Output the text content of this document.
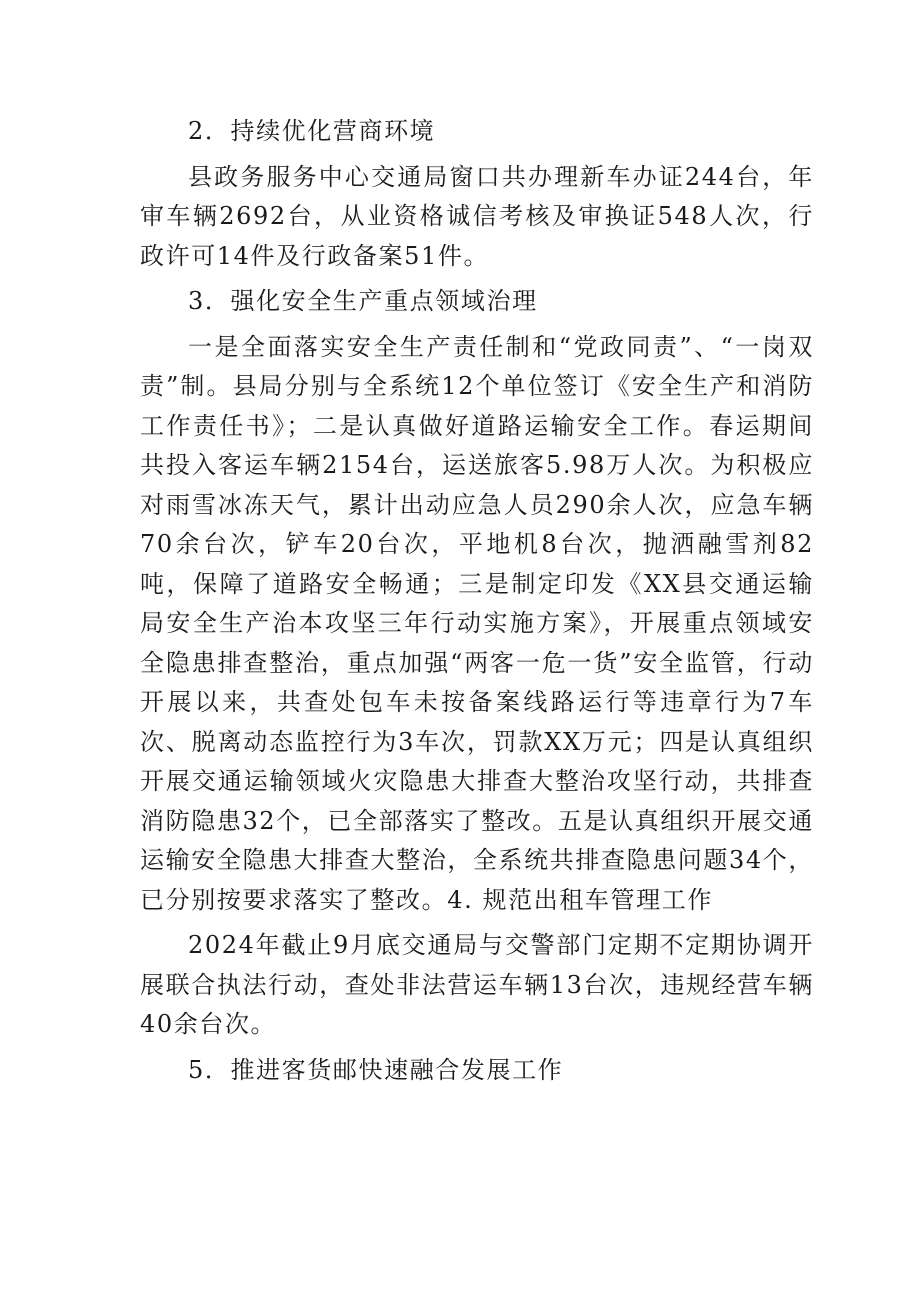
2．持续优化营商环境

县政务服务中心交通局窗口共办理新车办证244台，年审车辆2692台，从业资格诚信考核及审换证548人次，行政许可14件及行政备案51件。

3．强化安全生产重点领域治理

一是全面落实安全生产责任制和“党政同责”、“一岗双责”制。县局分别与全系统12个单位签订《安全生产和消防工作责任书》；二是认真做好道路运输安全工作。春运期间共投入客运车辆2154台，运送旅客5.98万人次。为积极应对雨雪冰冻天气，累计出动应急人员290余人次，应急车辆70余台次，铲车20台次，平地机8台次，抛洒融雪剂82吨，保障了道路安全畅通；三是制定印发《XX县交通运输局安全生产治本攻坚三年行动实施方案》，开展重点领域安全隐患排查整治，重点加强“两客一危一货”安全监管，行动开展以来，共查处包车未按备案线路运行等违章行为7车次、脱离动态监控行为3车次，罚款XX万元；四是认真组织开展交通运输领域火灾隐患大排查大整治攻坚行动，共排查消防隐患32个，已全部落实了整改。五是认真组织开展交通运输安全隐患大排查大整治，全系统共排查隐患问题34个，已分别按要求落实了整改。4. 规范出租车管理工作

2024年截止9月底交通局与交警部门定期不定期协调开展联合执法行动，查处非法营运车辆13台次，违规经营车辆40余台次。

5．推进客货邮快速融合发展工作
